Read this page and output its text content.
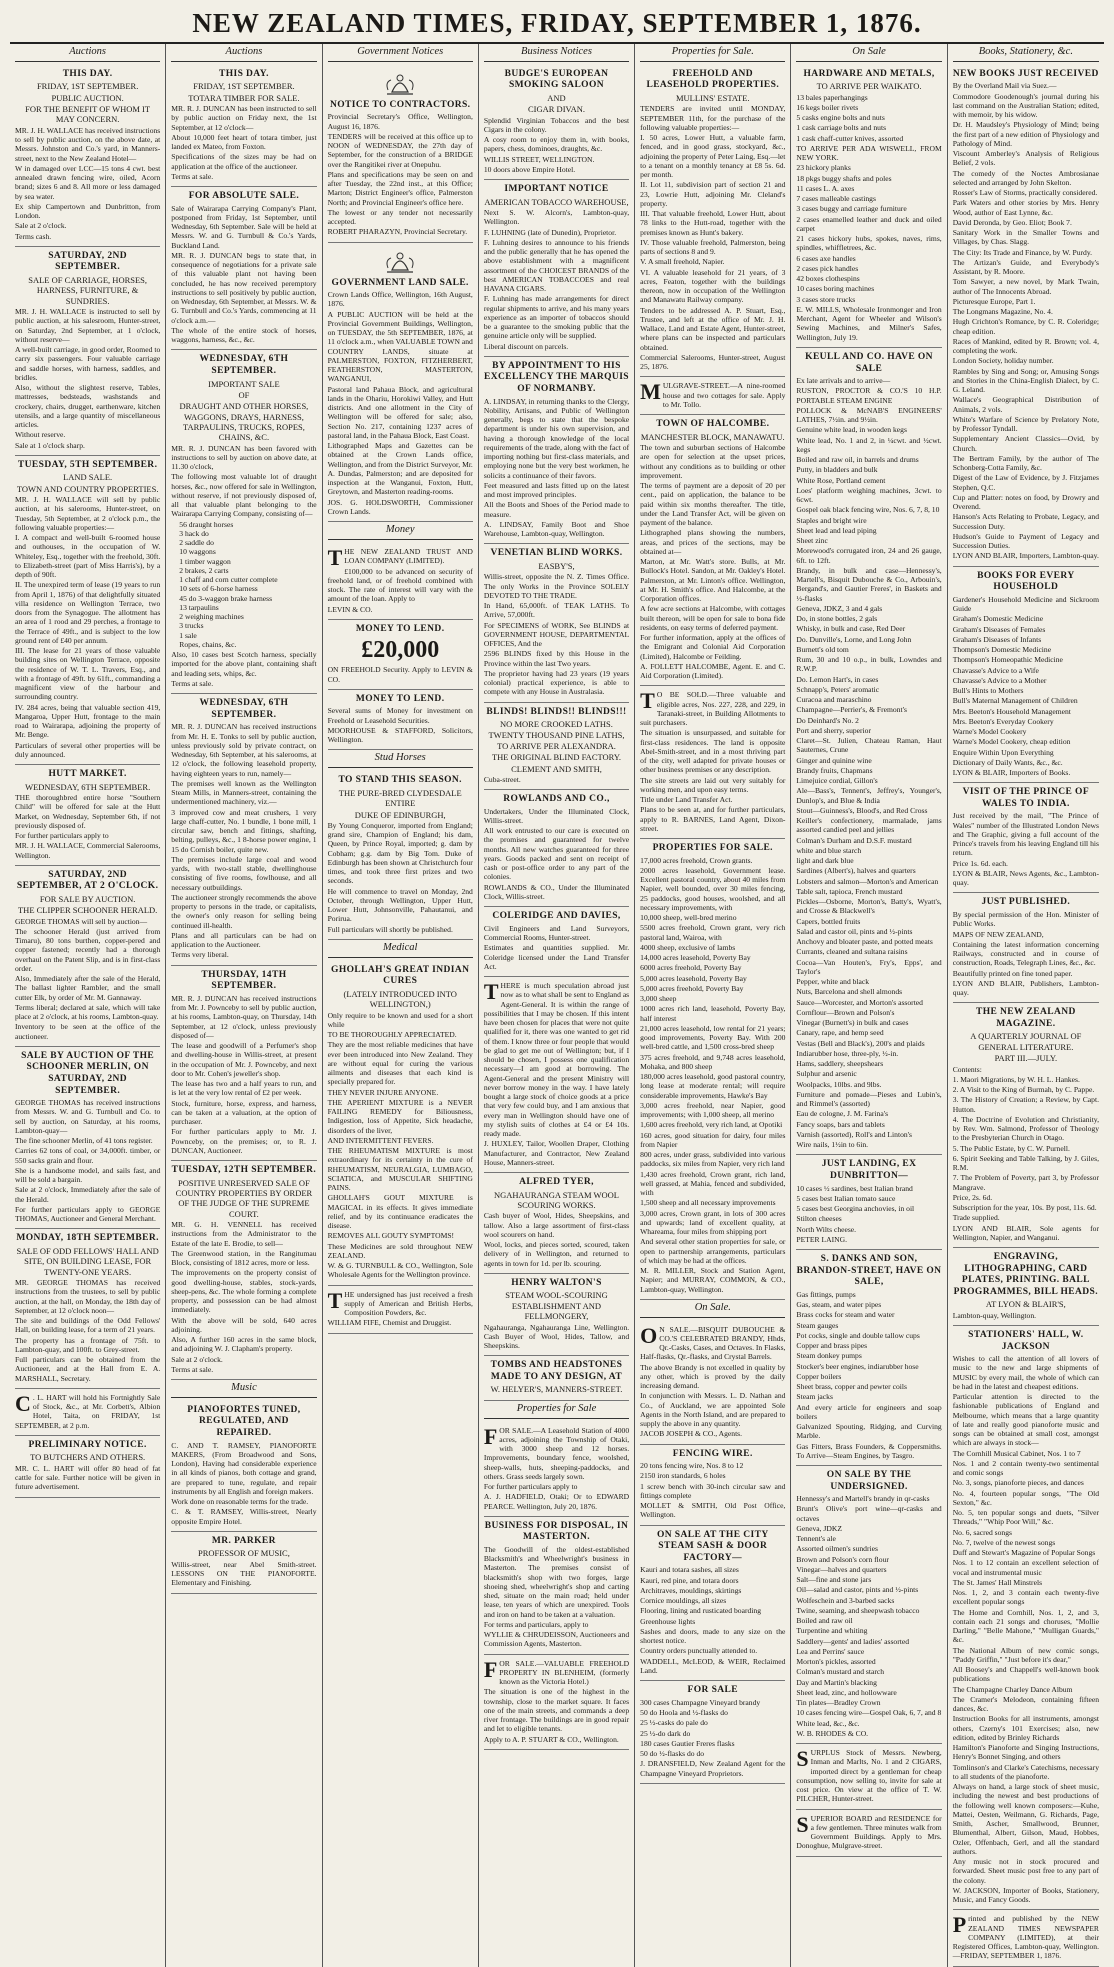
NEW ZEALAND TIMES, FRIDAY, SEPTEMBER 1, 1876.
Auctions
THIS DAY.
FRIDAY, 1ST SEPTEMBER.
PUBLIC AUCTION.
FOR THE BENEFIT OF WHOM IT MAY CONCERN.

MR. J. H. WALLACE has received instructions to sell by public auction, on the above date, at Messrs. Johnston and Co.'s yard, in Manners-street, next to the New Zealand Hotel—

W in damaged over LCC—15 tons 4 cwt. best annealed drawn fencing wire, oiled, Acorn brand; sizes 6 and 8. All more or less damaged by sea water.

Ex ship Campertown and Dunbritton, from London.

Sale at 2 o'clock.

Terms cash.

SATURDAY, 2ND SEPTEMBER.
SALE OF CARRIAGE, HORSES, HARNESS, FURNITURE, & SUNDRIES.

MR. J. H. WALLACE is instructed to sell by public auction, at his salesroom, Hunter-street, on Saturday, 2nd September, at 1 o'clock, without reserve—

A well-built carriage, in good order, Roomed to carry six passengers. Four valuable carriage and saddle horses, with harness, saddles, and bridles.

Also, without the slightest reserve, Tables, mattresses, bedsteads, washstands and crockery, chairs, drugget, earthenware, kitchen utensils, and a large quantity of miscellaneous articles.

Without reserve.

Sale at 1 o'clock sharp.

TUESDAY, 5TH SEPTEMBER.
LAND SALE.
TOWN AND COUNTRY PROPERTIES.

MR. J. H. WALLACE will sell by public auction, at his salerooms, Hunter-street, on Tuesday, 5th September, at 2 o'clock p.m., the following valuable properties:—

I. A compact and well-built 6-roomed house and outhouses, in the occupation of W. Whiteley, Esq., together with the freehold, 30ft. to Elizabeth-street (part of Miss Harris's), by a depth of 90ft.

II. The unexpired term of lease (19 years to run from April 1, 1876) of that delightfully situated villa residence on Wellington Terrace, two doors from the Synagogue. The allotment has an area of 1 rood and 29 perches, a frontage to the Terrace of 49ft., and is subject to the low ground rent of £40 per annum.

III. The lease for 21 years of those valuable building sites on Wellington Terrace, opposite the residence of W. T. L. Travers, Esq., and with a frontage of 49ft. by 61ft., commanding a magnificent view of the harbour and surrounding country.

IV. 284 acres, being that valuable section 419, Mangaroa, Upper Hutt, frontage to the main road to Wairarapa, adjoining the property of Mr. Benge.

Particulars of several other properties will be duly announced.

HUTT MARKET.
WEDNESDAY, 6TH SEPTEMBER.

THE thoroughbred entire horse "Southern Child" will be offered for sale at the Hutt Market, on Wednesday, September 6th, if not previously disposed of.

For further particulars apply to

MR. J. H. WALLACE, Commercial Salerooms, Wellington.

SATURDAY, 2ND SEPTEMBER, AT 2 O'CLOCK.
FOR SALE BY AUCTION.
THE CLIPPER SCHOONER HERALD.

GEORGE THOMAS will sell by auction—

The schooner Herald (just arrived from Timaru), 80 tons burthen, copper-pered and copper fastened; recently had a thorough overhaul on the Patent Slip, and is in first-class order.

Also, Immediately after the sale of the Herald, The ballast lighter Rambler, and the small cutter Elk, by order of Mr. M. Gannaway.

Terms liberal; declared at sale, which will take place at 2 o'clock, at his rooms, Lambton-quay.

Inventory to be seen at the office of the auctioneer.

SALE BY AUCTION OF THE SCHOONER MERLIN, ON SATURDAY, 2ND SEPTEMBER.

GEORGE THOMAS has received instructions from Messrs. W. and G. Turnbull and Co. to sell by auction, on Saturday, at his rooms, Lambton-quay—

The fine schooner Merlin, of 41 tons register.

Carries 62 tons of coal, or 34,000ft. timber, or 550 sacks grain and flour.

She is a handsome model, and sails fast, and will be sold a bargain.

Sale at 2 o'clock, Immediately after the sale of the Herald.

For further particulars apply to GEORGE THOMAS, Auctioneer and General Merchant.

MONDAY, 18TH SEPTEMBER.
SALE OF ODD FELLOWS' HALL AND SITE, ON BUILDING LEASE, FOR TWENTY-ONE YEARS.

MR. GEORGE THOMAS has received instructions from the trustees, to sell by public auction, at the hall, on Monday, the 18th day of September, at 12 o'clock noon—

The site and buildings of the Odd Fellows' Hall, on building lease, for a term of 21 years.

The property has a frontage of 75ft. to Lambton-quay, and 100ft. to Grey-street.

Full particulars can be obtained from the Auctioneer, and at the Hall from E. A. MARSHALL, Secretary.

C . L. HART will hold his Fortnightly Sale of Stock, &c., at Mr. Corbett's, Albion Hotel, Taita, on FRIDAY, 1st SEPTEMBER, at 2 p.m.

PRELIMINARY NOTICE.
TO BUTCHERS AND OTHERS.

MR. C. L. HART will offer 80 head of fat cattle for sale. Further notice will be given in future advertisement.

Auctions
THIS DAY.
FRIDAY, 1ST SEPTEMBER.
TOTARA TIMBER FOR SALE.

MR. R. J. DUNCAN has been instructed to sell by public auction on Friday next, the 1st September, at 12 o'clock—

About 10,000 feet heart of totara timber, just landed ex Mateo, from Foxton.

Specifications of the sizes may be had on application at the office of the auctioneer.

Terms at sale.

FOR ABSOLUTE SALE.

Sale of Wairarapa Carrying Company's Plant, postponed from Friday, 1st September, until Wednesday, 6th September. Sale will be held at Messrs. W. and G. Turnbull & Co.'s Yards, Buckland Land.

MR. R. J. DUNCAN begs to state that, in consequence of negotiations for a private sale of this valuable plant not having been concluded, he has now received peremptory instructions to sell positively by public auction, on Wednesday, 6th September, at Messrs. W. & G. Turnbull and Co.'s Yards, commencing at 11 o'clock a.m.—

The whole of the entire stock of horses, waggons, harness, &c., &c.

WEDNESDAY, 6TH SEPTEMBER.
IMPORTANT SALE
OF
DRAUGHT AND OTHER HORSES, WAGGONS, DRAYS, HARNESS, TARPAULINS, TRUCKS, ROPES, CHAINS, &C.

MR. R. J. DUNCAN has been favored with instructions to sell by auction on above date, at 11.30 o'clock,

The following most valuable lot of draught horses, &c., now offered for sale in Wellington, without reserve, if not previously disposed of, all that valuable plant belonging to the Wairarapa Carrying Company, consisting of—

56 draught horses
3 hack do
2 saddle do
10 waggons
1 timber waggon
2 brakes, 2 carts
1 chaff and corn cutter complete
10 sets of 6-horse harness
45 do 3-waggon brake harness
13 tarpaulins
2 weighing machines
3 trucks
1 sale
Ropes, chains, &c.

Also, 10 cases best Scotch harness, specially imported for the above plant, containing shaft and leading sets, whips, &c.

Terms at sale.

WEDNESDAY, 6TH SEPTEMBER.

MR. R. J. DUNCAN has received instructions from Mr. H. E. Tonks to sell by public auction, unless previously sold by private contract, on Wednesday, 6th September, at his salerooms, at 12 o'clock, the following leasehold property, having eighteen years to run, namely—

The premises well known as the Wellington Steam Mills, in Manners-street, containing the undermentioned machinery, viz.—

3 improved cow and meat crushers, 1 very large chaff-cutter, No. 1 bundle, 1 bone mill, 1 circular saw, bench and fittings, shafting, belting, pulleys, &c., 1 8-horse power engine, 1 15 do Cornish boiler, quite new.

The premises include large coal and wood yards, with two-stall stable, dwellinghouse consisting of five rooms, fowlhouse, and all necessary outbuildings.

The auctioneer strongly recommends the above property to persons in the trade, or capitalists, the owner's only reason for selling being continued ill-health.

Plans and all particulars can be had on application to the Auctioneer.

Terms very liberal.

THURSDAY, 14TH SEPTEMBER.

MR. R. J. DUNCAN has received instructions from Mr. J. Pownceby to sell by public auction, at his rooms, Lambton-quay, on Thursday, 14th September, at 12 o'clock, unless previously disposed of—

The lease and goodwill of a Perfumer's shop and dwelling-house in Willis-street, at present in the occupation of Mr. J. Pownceby, and next door to Mr. Cohen's jeweller's shop.

The lease has two and a half years to run, and is let at the very low rental of £2 per week.

Stock, furniture, horse, express, and harness, can be taken at a valuation, at the option of purchaser.

For further particulars apply to Mr. J. Pownceby, on the premises; or, to R. J. DUNCAN, Auctioneer.

TUESDAY, 12TH SEPTEMBER.
POSITIVE UNRESERVED SALE OF COUNTRY PROPERTIES BY ORDER OF THE JUDGE OF THE SUPREME COURT.

MR. G. H. VENNELL has received instructions from the Administrator to the Estate of the late E. Brodie, to sell—

The Greenwood station, in the Rangitumau Block, consisting of 1812 acres, more or less.

The improvements on the property consist of good dwelling-house, stables, stock-yards, sheep-pens, &c. The whole forming a complete property, and possession can be had almost immediately.

With the above will be sold, 640 acres adjoining.

Also, A further 160 acres in the same block, and adjoining W. J. Clapham's property.

Sale at 2 o'clock.

Terms at sale.

Music
PIANOFORTES TUNED, REGULATED, AND REPAIRED.

C. AND T. RAMSEY, PIANOFORTE MAKERS, (From Broadwood and Sons, London), Having had considerable experience in all kinds of pianos, both cottage and grand, are prepared to tune, regulate, and repair instruments by all English and foreign makers.

Work done on reasonable terms for the trade.

C. & T. RAMSEY, Willis-street, Nearly opposite Empire Hotel.

MR. PARKER
PROFESSOR OF MUSIC,

Willis-street, near Abel Smith-street. LESSONS ON THE PIANOFORTE. Elementary and Finishing.

Government Notices
NOTICE TO CONTRACTORS.

Provincial Secretary's Office, Wellington, August 16, 1876.

TENDERS will be received at this office up to NOON of WEDNESDAY, the 27th day of September, for the construction of a BRIDGE over the Rangitikei river at Onepuhu.

Plans and specifications may be seen on and after Tuesday, the 22nd inst., at this Office; Marton; District Engineer's office, Palmerston North; and Provincial Engineer's office here.

The lowest or any tender not necessarily accepted.

ROBERT PHARAZYN, Provincial Secretary.

GOVERNMENT LAND SALE.

Crown Lands Office, Wellington, 16th August, 1876.

A PUBLIC AUCTION will be held at the Provincial Government Buildings, Wellington, on TUESDAY, the 5th SEPTEMBER, 1876, at 11 o'clock a.m., when VALUABLE TOWN and COUNTRY LANDS, situate at PALMERSTON, FOXTON, FITZHERBERT, FEATHERSTON, MASTERTON, WANGANUI,

Pastoral land Pahaua Block, and agricultural lands in the Ohariu, Horokiwi Valley, and Hutt districts. And one allotment in the City of Wellington will be offered for sale; also, Section No. 217, containing 1237 acres of pastoral land, in the Pahaua Block, East Coast.

Lithographed Maps and Gazettes can be obtained at the Crown Lands office, Wellington, and from the District Surveyor, Mr. A. Dundas, Palmerston; and are deposited for inspection at the Wanganui, Foxton, Hutt, Greytown, and Masterton reading-rooms.

JOS. G. HOLDSWORTH, Commissioner Crown Lands.

Money

THE NEW ZEALAND TRUST AND LOAN COMPANY (LIMITED).

£100,000 to be advanced on security of freehold land, or of freehold combined with stock. The rate of interest will vary with the amount of the loan. Apply to

LEVIN & CO.

MONEY TO LEND.
£20,000

ON FREEHOLD Security. Apply to LEVIN & CO.

MONEY TO LEND.

Several sums of Money for investment on Freehold or Leasehold Securities.

MOORHOUSE & STAFFORD, Solicitors, Wellington.

Stud Horses
TO STAND THIS SEASON.
THE PURE-BRED CLYDESDALE ENTIRE
DUKE OF EDINBURGH,

By Young Conqueror, imported from England; grand sire, Champion of England; his dam, Queen, by Prince Royal, imported; g. dam by Cobham; g.g. dam by Big Tom. Duke of Edinburgh has been shown at Christchurch four times, and took three first prizes and two seconds.

He will commence to travel on Monday, 2nd October, through Wellington, Upper Hutt, Lower Hutt, Johnsonville, Pahautanui, and Porirua.

Full particulars will shortly be published.

Medical
GHOLLAH'S GREAT INDIAN CURES
(LATELY INTRODUCED INTO WELLINGTON,)

Only require to be known and used for a short while

TO BE THOROUGHLY APPRECIATED.

They are the most reliable medicines that have ever been introduced into New Zealand. They are without equal for curing the various ailments and diseases that each kind is specially prepared for.

THEY NEVER INJURE ANYONE.

THE APERIENT MIXTURE is a NEVER FAILING REMEDY for Biliousness, Indigestion, loss of Appetite, Sick headache, disorders of the liver,

AND INTERMITTENT FEVERS.

THE RHEUMATISM MIXTURE is most extraordinary for its certainty in the cure of RHEUMATISM, NEURALGIA, LUMBAGO, SCIATICA, and MUSCULAR SHIFTING PAINS.

GHOLLAH'S GOUT MIXTURE is MAGICAL in its effects. It gives immediate relief, and by its continuance eradicates the disease.

REMOVES ALL GOUTY SYMPTOMS!

These Medicines are sold throughout NEW ZEALAND.

W. & G. TURNBULL & CO., Wellington, Sole Wholesale Agents for the Wellington province.

THE undersigned has just received a fresh supply of American and British Herbs, Composition Powders, &c.

WILLIAM FIFE, Chemist and Druggist.

Business Notices
BUDGE'S EUROPEAN SMOKING SALOON
AND
CIGAR DIVAN.

Splendid Virginian Tobaccos and the best Cigars in the colony.

A cosy room to enjoy them in, with books, papers, chess, dominoes, draughts, &c.

WILLIS STREET, WELLINGTON.

10 doors above Empire Hotel.

IMPORTANT NOTICE
AMERICAN TOBACCO WAREHOUSE,

Next S. W. Alcorn's, Lambton-quay, Wellington.

F. LUHNING (late of Dunedin), Proprietor.

F. Luhning desires to announce to his friends and the public generally that he has opened the above establishment with a magnificent assortment of the CHOICEST BRANDS of the best AMERICAN TOBACCOES and real HAVANA CIGARS.

F. Luhning has made arrangements for direct regular shipments to arrive, and his many years experience as an importer of tobaccos should be a guarantee to the smoking public that the genuine article only will be supplied.

Liberal discount on parcels.

BY APPOINTMENT TO HIS EXCELLENCY THE MARQUIS OF NORMANBY.

A. LINDSAY, in returning thanks to the Clergy, Nobility, Artisans, and Public of Wellington generally, begs to state that the bespoke department is under his own supervision, and having a thorough knowledge of the local requirements of the trade, along with the fact of importing nothing but first-class materials, and employing none but the very best workmen, he solicits a continuance of their favors.

Feet measured and lasts fitted up on the latest and most improved principles.

All the Boots and Shoes of the Period made to measure.

A. LINDSAY, Family Boot and Shoe Warehouse, Lambton-quay, Wellington.

VENETIAN BLIND WORKS.
EASBY'S,

Willis-street, opposite the N. Z. Times Office. The only Works in the Province SOLELY DEVOTED TO THE TRADE.

In Hand, 65,000ft. of TEAK LATHS. To Arrive, 57,000ft.

For SPECIMENS of WORK, See BLINDS at GOVERNMENT HOUSE, DEPARTMENTAL OFFICES, And the

2596 BLINDS fixed by this House in the Province within the last Two years.

The proprietor having had 23 years (19 years colonial) practical experience, is able to compete with any House in Australasia.

BLINDS! BLINDS!! BLINDS!!!
NO MORE CROOKED LATHS.
TWENTY THOUSAND PINE LATHS, TO ARRIVE PER ALEXANDRA.
THE ORIGINAL BLIND FACTORY.
CLEMENT AND SMITH,

Cuba-street.

ROWLANDS AND CO.,

Undertakers, Under the Illuminated Clock, Willis-street.

All work entrusted to our care is executed on the promises and guaranteed for twelve months. All new watches guaranteed for three years. Goods packed and sent on receipt of cash or post-office order to any part of the colonies.

ROWLANDS & CO., Under the Illuminated Clock, Willis-street.

COLERIDGE AND DAVIES,

Civil Engineers and Land Surveyors, Commercial Rooms, Hunter-street.

Estimates and quantities supplied. Mr. Coleridge licensed under the Land Transfer Act.

THERE is much speculation abroad just now as to what shall be sent to England as Agent-General. It is within the range of possibilities that I may be chosen. If this intent have been chosen for places that were not quite qualified for it, there was one wanted to get rid of them. I know three or four people that would be glad to get me out of Wellington; but, if I should be chosen, I possess one qualification necessary—I am good at borrowing. The Agent-General and the present Ministry will never borrow money in the way. I have lately bought a large stock of choice goods at a price that very few could buy, and I am anxious that every man in Wellington should have one of my stylish suits of clothes at £4 or £4 10s. ready made.

J. HUXLEY, Tailor, Woollen Draper, Clothing Manufacturer, and Contractor, New Zealand House, Manners-street.

ALFRED TYER,
NGAHAURANGA STEAM WOOL SCOURING WORKS.

Cash buyer of Wool, Hides, Sheepskins, and tallow. Also a large assortment of first-class wool scourers on hand.

Wool, locks, and pieces sorted, scoured, taken delivery of in Wellington, and returned to agents in town for 1d. per lb. scouring.

HENRY WALTON'S
STEAM WOOL-SCOURING ESTABLISHMENT AND FELLMONGERY,

Ngahauranga, Ngahauranga Line, Wellington. Cash Buyer of Wool, Hides, Tallow, and Sheepskins.

TOMBS AND HEADSTONES MADE TO ANY DESIGN, AT
W. HELYER'S, MANNERS-STREET.
Properties for Sale

FOR SALE.—A Leasehold Station of 4000 acres, adjoining the Township of Otaki, with 3000 sheep and 12 horses. Improvements, boundary fence, woolshed, sheep-walls, huts, sheeping-paddocks, and others. Grass seeds largely sown.

For further particulars apply to

A. J. HADFIELD, Otaki; Or to EDWARD PEARCE. Wellington, July 20, 1876.

BUSINESS FOR DISPOSAL, IN MASTERTON.

The Goodwill of the oldest-established Blacksmith's and Wheelwright's business in Masterton. The premises consist of blacksmith's shop with two forges, large shoeing shed, wheelwright's shop and carting shed, situate on the main road; held under lease, ten years of which are unexpired. Tools and iron on hand to be taken at a valuation.

For terms and particulars, apply to

WYLLIE & CHRUDEISSON, Auctioneers and Commission Agents, Masterton.

FOR SALE.—VALUABLE FREEHOLD PROPERTY IN BLENHEIM, (formerly known as the Victoria Hotel.)

The situation is one of the highest in the township, close to the market square. It faces one of the main streets, and commands a deep river frontage. The buildings are in good repair and let to eligible tenants.

Apply to A. P. STUART & CO., Wellington.

Properties for Sale.
FREEHOLD AND LEASEHOLD PROPERTIES.
MULLINS' ESTATE.

TENDERS are invited until MONDAY, SEPTEMBER 11th, for the purchase of the following valuable properties:—

I. 50 acres, Lower Hutt, a valuable farm, fenced, and in good grass, stockyard, &c., adjoining the property of Peter Laing, Esq.—let to a tenant on a monthly tenancy at £8 5s. 6d. per month.

II. Lot 11, subdivision part of section 21 and 23, Lowrie Hutt, adjoining Mr. Cleland's property.

III. That valuable freehold, Lower Hutt, about 78 links to the Hutt-road, together with the premises known as Hunt's bakery.

IV. Those valuable freehold, Palmerston, being parts of sections 8 and 9.

V. A small freehold, Napier.

VI. A valuable leasehold for 21 years, of 3 acres, Featon, together with the buildings thereon, now in occupation of the Wellington and Manawatu Railway company.

Tenders to be addressed A. P. Stuart, Esq., Trustee, and left at the office of Mr. J. H. Wallace, Land and Estate Agent, Hunter-street, where plans can be inspected and particulars obtained.

Commercial Salerooms, Hunter-street, August 25, 1876.

MULGRAVE-STREET.—A nine-roomed house and two cottages for sale. Apply to Mr. Tollo.

TOWN OF HALCOMBE.
MANCHESTER BLOCK, MANAWATU.

The town and suburban sections of Halcombe are open for selection at the upset prices, without any conditions as to building or other improvement.

The terms of payment are a deposit of 20 per cent., paid on application, the balance to be paid within six months thereafter. The title, under the Land Transfer Act, will be given on payment of the balance.

Lithographed plans showing the numbers, areas, and prices of the sections, may be obtained at—

Marton, at Mr. Watt's store. Bulls, at Mr. Bullock's Hotel. Sandon, at Mr. Oakley's Hotel. Palmerston, at Mr. Linton's office. Wellington, at Mr. H. Smith's office. And Halcombe, at the Corporation offices.

A few acre sections at Halcombe, with cottages built thereon, will be open for sale to bona fide residents, on easy terms of deferred payment.

For further information, apply at the offices of the Emigrant and Colonial Aid Corporation (Limited), Halcombe or Feilding.

A. FOLLETT HALCOMBE, Agent. E. and C. Aid Corporation (Limited).

T O BE SOLD.—Three valuable and eligible acres, Nos. 227, 228, and 229, in Taranaki-street, in Building Allotments to suit purchasers.

The situation is unsurpassed, and suitable for first-class residences. The land is opposite Abel-Smith-street, and in a most thriving part of the city, well adapted for private houses or other business premises or any description.

The site streets are laid out very suitably for working men, and upon easy terms.

Title under Land Transfer Act.

Plans to be seen at, and for further particulars, apply to R. BARNES, Land Agent, Dixon-street.

PROPERTIES FOR SALE.

17,000 acres freehold, Crown grants.

2000 acres leasehold, Government lease. Excellent pastoral country, about 40 miles from Napier, well bounded, over 30 miles fencing, 25 paddocks, good houses, woolshed, and all necessary improvements, with

10,000 sheep, well-bred merino

5500 acres freehold, Crown grant, very rich pastoral land, Wairoa, with

4000 sheep, exclusive of lambs

14,000 acres leasehold, Poverty Bay

6000 acres freehold, Poverty Bay

5,000 acres leasehold, Poverty Bay

5,000 acres freehold, Poverty Bay

3,000 sheep

1000 acres rich land, leasehold, Poverty Bay, half interest

21,000 acres leasehold, low rental for 21 years; good improvements, Poverty Bay. With 200 well-bred cattle, and 1,500 cross-bred sheep

375 acres freehold, and 9,748 acres leasehold, Mohaka, and 800 sheep

180,000 acres leasehold, good pastoral country, long lease at moderate rental; will require considerable improvements, Hawke's Bay

3,000 acres freehold, near Napier, good improvements; with 1,000 sheep, all merino

1,600 acres freehold, very rich land, at Opotiki

160 acres, good situation for dairy, four miles from Napier

800 acres, under grass, subdivided into various paddocks, six miles from Napier, very rich land

1,430 acres freehold, Crown grant, rich land, well grassed, at Mahia, fenced and subdivided, with

1,500 sheep and all necessary improvements

3,000 acres, Crown grant, in lots of 300 acres and upwards; land of excellent quality, at Whareama, four miles from shipping port

And several other station properties for sale, or open to partnership arrangements, particulars of which may be had at the offices.

M. R. MILLER, Stock and Station Agent, Napier; and MURRAY, COMMON, & CO., Lambton-quay, Wellington.

On Sale.

O N SALE.—BISQUIT DUBOUCHE & CO.'S CELEBRATED BRANDY, Hhds, Qr.-Casks, Cases, and Octaves. In Flasks, Half-flasks, Qr.-flasks, and Crystal Barrels.

The above Brandy is not excelled in quality by any other, which is proved by the daily increasing demand.

In conjunction with Messrs. L. D. Nathan and Co., of Auckland, we are appointed Sole Agents in the North Island, and are prepared to supply the above in any quantity.

JACOB JOSEPH & CO., Agents.

FENCING WIRE.

20 tons fencing wire, Nos. 8 to 12

2150 iron standards, 6 holes

1 screw bench with 30-inch circular saw and fittings complete

MOLLET & SMITH, Old Post Office, Wellington.

ON SALE AT THE CITY STEAM SASH & DOOR FACTORY—

Kauri and totara sashes, all sizes

Kauri, red pine, and totara doors

Architraves, mouldings, skirtings

Cornice mouldings, all sizes

Flooring, lining and rusticated boarding

Greenhouse lights

Sashes and doors, made to any size on the shortest notice.

Country orders punctually attended to.

WADDELL, McLEOD, & WEIR, Reclaimed Land.

FOR SALE

300 cases Champagne Vineyard brandy

50 do Hoola and ½-flasks do

25 ½-casks do pale do

25 ½-do dark do

180 cases Gautier Freres flasks

50 do ½-flasks do do

J. DRANSFIELD, New Zealand Agent for the Champagne Vineyard Proprietors.

On Sale
HARDWARE AND METALS,
TO ARRIVE PER WAIKATO.

13 bales paperhangings

16 kegs boiler rivets

5 casks engine bolts and nuts

1 cask carriage bolts and nuts

1 cask chaff-cutter knives, assorted

TO ARRIVE PER ADA WISWELL, FROM NEW YORK.

23 hickory planks

18 pkgs buggy shafts and poles

11 cases L. A. axes

7 cases malleable castings

3 cases buggy and carriage furniture

2 cases enamelled leather and duck and oiled carpet

21 cases hickory hubs, spokes, naves, rims, spindles, whiffletrees, &c.

6 cases axe handles

2 cases pick handles

42 boxes clothespins

10 cases boring machines

3 cases store trucks

E. W. MILLS, Wholesale Ironmonger and Iron Merchant, Agent for Wheeler and Wilson's Sewing Machines, and Milner's Safes, Wellington, July 19.

KEULL AND CO. HAVE ON SALE

Ex late arrivals and to arrive—

RUSTON, PROCTOR & CO.'S 10 H.P. PORTABLE STEAM ENGINE

POLLOCK & McNAB'S ENGINEERS' LATHES, 7½in. and 9½in.

Genuine white lead, in wooden kegs

White lead, No. 1 and 2, in ¼cwt. and ½cwt. kegs

Boiled and raw oil, in barrels and drums

Putty, in bladders and bulk

White Rose, Portland cement

Loes' platform weighing machines, 3cwt. to 6cwt.

Gospel oak black fencing wire, Nos. 6, 7, 8, 10

Staples and bright wire

Sheet lead and lead piping

Sheet zinc

Morewood's corrugated iron, 24 and 26 gauge, 6ft. to 12ft.

Brandy, in bulk and case—Hennessy's, Martell's, Bisquit Dubouche & Co., Arbouin's, Bergand's, and Gautier Freres', in Baskets and ½-flasks

Geneva, JDKZ, 3 and 4 gals

Do, in stone bottles, 2 gals

Whisky, in bulk and case, Red Deer

Do. Dunville's, Lorne, and Long John

Burnett's old tom

Rum, 30 and 10 o.p., in bulk, Lowndes and R.W.P.

Do. Lemon Hart's, in cases

Schnapp's, Peters' aromatic

Curacoa and maraschino

Champagne—Perrier's, & Fremont's

Do Deinhard's No. 2

Port and sherry, superior

Claret—St. Julien, Chateau Raman, Haut Sauternes, Crune

Ginger and quinine wine

Brandy fruits, Chapmans

Limejuice cordial, Gillon's

Ale—Bass's, Tennent's, Jeffrey's, Younger's, Dunlop's, and Blue & India

Stout—Guinness's, Blood's, and Red Cross

Keiller's confectionery, marmalade, jams assorted candied peel and jellies

Colman's Durham and D.S.F. mustard

white and blue starch

light and dark blue

Sardines (Albert's), halves and quarters

Lobsters and salmon—Morton's and American

Table salt, tapioca, French mustard

Pickles—Osborne, Morton's, Batty's, Wyatt's, and Crosse & Blackwell's

Capers, bottled fruits

Salad and castor oil, pints and ½-pints

Anchovy and bloater paste, and potted meats

Currants, cleaned and sultana raisins

Cocoa—Van Houten's, Fry's, Epps', and Taylor's

Pepper, white and black

Nuts, Barcelona and shell almonds

Sauce—Worcester, and Morton's assorted

Cornflour—Brown and Polson's

Vinegar (Burnett's) in bulk and cases

Canary, rape, and hemp seed

Vestas (Bell and Black's), 200's and plaids

Indiarubber hose, three-ply, ½-in.

Hams, saddlery, sheepshears

Sulphur and arsenic

Woolpacks, 10lbs. and 9lbs.

Furniture and pomade—Pieses and Lubin's, and Rimmel's (assorted)

Eau de cologne, J. M. Farina's

Fancy soaps, bars and tablets

Varnish (assorted), Roll's and Linton's

Wire nails, 1½in to 6in.

JUST LANDING, EX DUNBRITTON—

10 cases ½ sardines, best Italian brand

5 cases best Italian tomato sauce

5 cases best Georgina anchovies, in oil

Stilton cheeses

North Wilts cheese.

PETER LAING.

S. DANKS AND SON, BRANDON-STREET, HAVE ON SALE,

Gas fittings, pumps

Gas, steam, and water pipes

Brass cocks for steam and water

Steam gauges

Pot cocks, single and double tallow cups

Copper and brass pipes

Steam donkey pumps

Stocker's beer engines, indiarubber hose

Copper boilers

Sheet brass, copper and pewter coils

Steam jacks

And every article for engineers and soap boilers

Galvanized Spouting, Ridging, and Curving Marble.

Gas Fitters, Brass Founders, & Coppersmiths. To Arrive—Steam Engines, by Tasgro.

ON SALE BY THE UNDERSIGNED.

Hennessy's and Martell's brandy in qr-casks

Brunt's Olive's port wine—qr-casks and octaves

Geneva, JDKZ

Tennent's ale

Assorted oilmen's sundries

Brown and Polson's corn flour

Vinegar—halves and quarters

Salt—fine and stone jars

Oil—salad and castor, pints and ½-pints

Wolfeschein and 3-barbed sacks

Twine, seaming, and sheepwash tobacco

Boiled and raw oil

Turpentine and whiting

Saddlery—gents' and ladies' assorted

Lea and Perrins' sauce

Morton's pickles, assorted

Colman's mustard and starch

Day and Martin's blacking

Sheet lead, zinc, and hollowware

Tin plates—Bradley Crown

10 cases fencing wire—Gospel Oak, 6, 7, and 8

White lead, &c., &c.

W. B. RHODES & CO.

SURPLUS Stock of Messrs. Newberg, Inman and Marlts, No. 1 and 2 CIGARS, imported direct by a gentleman for cheap consumption, now selling to, invite for sale at cost price. On view at the office of T. W. PILCHER, Hunter-street.

SUPERIOR BOARD and RESIDENCE for a few gentlemen. Three minutes walk from Government Buildings. Apply to Mrs. Donoghue, Mulgrave-street.

Books, Stationery, &c.
NEW BOOKS JUST RECEIVED

By the Overland Mail via Suez.—

Commodore Goodenough's journal during his last command on the Australian Station; edited, with memoir, by his widow.

Dr. H. Maudsley's Physiology of Mind; being the first part of a new edition of Physiology and Pathology of Mind.

Viscount Amberley's Analysis of Religious Belief, 2 vols.

The comedy of the Noctes Ambrosianae selected and arranged by John Skelton.

Rosser's Law of Storms, practically considered.

Park Waters and other stories by Mrs. Henry Wood, author of East Lynne, &c.

David Deronda, by Geo. Eliot; Book 7.

Sanitary Work in the Smaller Towns and Villages, by Chas. Slagg.

The City: Its Trade and Finance, by W. Purdy.

The Artizan's Guide, and Everybody's Assistant, by R. Moore.

Tom Sawyer, a new novel, by Mark Twain, author of The Innocents Abroad.

Picturesque Europe, Part 1.

The Longmans Magazine, No. 4.

Hugh Crichton's Romance, by C. R. Coleridge; cheap edition.

Races of Mankind, edited by R. Brown; vol. 4, completing the work.

London Society, holiday number.

Rambles by Sing and Song; or, Amusing Songs and Stories in the China-English Dialect, by C. G. Leland.

Wallace's Geographical Distribution of Animals, 2 vols.

White's Warfare of Science by Prelatory Note, by Professor Tyndall.

Supplementary Ancient Classics—Ovid, by Church.

The Bertram Family, by the author of The Schonberg-Cotta Family, &c.

Digest of the Law of Evidence, by J. Fitzjames Stephen, Q.C.

Cup and Platter: notes on food, by Drowry and Overend.

Hanson's Acts Relating to Probate, Legacy, and Succession Duty.

Hudson's Guide to Payment of Legacy and Succession Duties.

LYON AND BLAIR, Importers, Lambton-quay.

BOOKS FOR EVERY HOUSEHOLD

Gardener's Household Medicine and Sickroom Guide

Graham's Domestic Medicine

Graham's Diseases of Females

Graham's Diseases of Infants

Thompson's Domestic Medicine

Thompson's Homeopathic Medicine

Chavasse's Advice to a Wife

Chavasse's Advice to a Mother

Bull's Hints to Mothers

Bull's Maternal Management of Children

Mrs. Beeton's Household Management

Mrs. Beeton's Everyday Cookery

Warne's Model Cookery

Warne's Model Cookery, cheap edition

Enquire Within Upon Everything

Dictionary of Daily Wants, &c., &c.

LYON & BLAIR, Importers of Books.

VISIT OF THE PRINCE OF WALES TO INDIA.

Just received by the mail, "The Prince of Wales" number of the Illustrated London News and The Graphic, giving a full account of the Prince's travels from his leaving England till his return.

Price 1s. 6d. each.

LYON & BLAIR, News Agents, &c., Lambton-quay.

JUST PUBLISHED.

By special permission of the Hon. Minister of Public Works.

MAPS OF NEW ZEALAND,

Containing the latest information concerning Railways, constructed and in course of construction, Roads, Telegraph Lines, &c., &c.

Beautifully printed on fine toned paper.

LYON AND BLAIR, Publishers, Lambton-quay.

THE NEW ZEALAND MAGAZINE.
A QUARTERLY JOURNAL OF GENERAL LITERATURE.
PART III.—JULY.

Contents:

1. Maori Migrations, by W. H. L. Hankes.

2. A Visit to the King of Burmah, by C. Pappe.

3. The History of Creation; a Review, by Capt. Hutton.

4. The Doctrine of Evolution and Christianity, by Rev. Wm. Salmond, Professor of Theology to the Presbyterian Church in Otago.

5. The Public Estate, by C. W. Purnell.

6. Spirit Seeking and Table Talking, by J. Giles, R.M.

7. The Problem of Poverty, part 3, by Professor Mangrave.

Price, 2s. 6d.

Subscription for the year, 10s. By post, 11s. 6d.

Trade supplied.

LYON AND BLAIR, Sole agents for Wellington, Napier, and Wanganui.

ENGRAVING, LITHOGRAPHING, CARD PLATES, PRINTING. BALL PROGRAMMES, BILL HEADS.
AT LYON & BLAIR'S,

Lambton-quay, Wellington.

STATIONERS' HALL, W. JACKSON

Wishes to call the attention of all lovers of music to the new and large shipments of MUSIC by every mail, the whole of which can be had in the latest and cheapest editions.

Particular attention is directed to the fashionable publications of England and Melbourne, which means that a large quantity of late and really good pianoforte music and songs can be obtained at small cost, amongst which are always in stock—

The Cornhill Musical Cabinet, Nos. 1 to 7

Nos. 1 and 2 contain twenty-two sentimental and comic songs

No. 3, songs, pianoforte pieces, and dances

No. 4, fourteen popular songs, "The Old Sexton," &c.

No. 5, ten popular songs and duets, "Silver Threads," "Whip Poor Will," &c.

No. 6, sacred songs

No. 7, twelve of the newest songs

Duff and Stewart's Magazine of Popular Songs

Nos. 1 to 12 contain an excellent selection of vocal and instrumental music

The St. James' Hall Minstrels

Nos. 1, 2, and 3 contain each twenty-five excellent popular songs

The Home and Cornhill, Nos. 1, 2, and 3, contain each 21 songs and choruses, "Mollie Darling," "Belle Mahone," "Mulligan Guards," &c.

The National Album of new comic songs, "Paddy Griffin," "Just before it's dear,"

All Boosey's and Chappell's well-known book publications

The Champagne Charley Dance Album

The Cramer's Melodeon, containing fifteen dances, &c.

Instruction Books for all instruments, amongst others, Czerny's 101 Exercises; also, new edition, edited by Brinley Richards

Hamilton's Pianoforte and Singing Instructions, Henry's Bonnet Singing, and others

Tomlinson's and Clarke's Catechisms, necessary to all students of the pianoforte.

Always on hand, a large stock of sheet music, including the newest and best productions of the following well known composers:—Kuhe, Mattei, Oesten, Weilmann, G. Richards, Page, Smith, Ascher, Smallwood, Brunner, Blumenthal, Albert, Gilson, Maud, Hobbes, Ozler, Offenbach, Gerl, and all the standard authors.

Any music not in stock procured and forwarded. Sheet music post free to any part of the colony.

W. JACKSON, Importer of Books, Stationery, Music, and Fancy Goods.

Printed and published by the NEW ZEALAND TIMES NEWSPAPER COMPANY (LIMITED), at their Registered Offices, Lambton-quay, Wellington.—FRIDAY, SEPTEMBER 1, 1876.
